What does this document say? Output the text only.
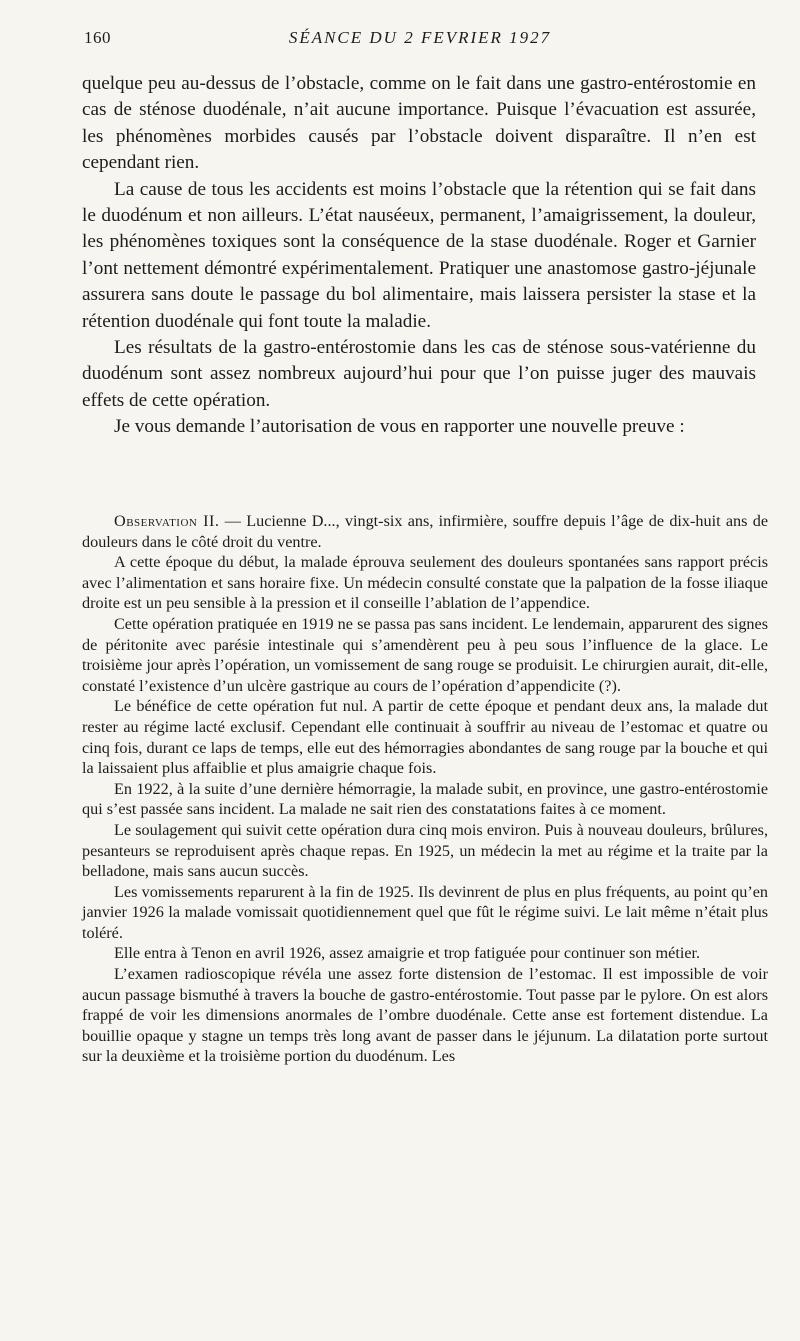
160	SÉANCE DU 2 FEVRIER 1927

quelque peu au-dessus de l’obstacle, comme on le fait dans une gastro-entérostomie en cas de sténose duodénale, n’ait aucune importance. Puisque l’évacuation est assurée, les phénomènes morbides causés par l’obstacle doivent disparaître. Il n’en est cependant rien.

La cause de tous les accidents est moins l’obstacle que la rétention qui se fait dans le duodénum et non ailleurs. L’état nauséeux, permanent, l’amaigrissement, la douleur, les phénomènes toxiques sont la conséquence de la stase duodénale. Roger et Garnier l’ont nettement démontré expérimentalement. Pratiquer une anastomose gastro-jéjunale assurera sans doute le passage du bol alimentaire, mais laissera persister la stase et la rétention duodénale qui font toute la maladie.

Les résultats de la gastro-entérostomie dans les cas de sténose sous-vatérienne du duodénum sont assez nombreux aujourd’hui pour que l’on puisse juger des mauvais effets de cette opération.

Je vous demande l’autorisation de vous en rapporter une nouvelle preuve :

Observation II. — Lucienne D..., vingt-six ans, infirmière, souffre depuis l’âge de dix-huit ans de douleurs dans le côté droit du ventre.

A cette époque du début, la malade éprouva seulement des douleurs spontanées sans rapport précis avec l’alimentation et sans horaire fixe. Un médecin consulté constate que la palpation de la fosse iliaque droite est un peu sensible à la pression et il conseille l’ablation de l’appendice.

Cette opération pratiquée en 1919 ne se passa pas sans incident. Le lendemain, apparurent des signes de péritonite avec parésie intestinale qui s’amendèrent peu à peu sous l’influence de la glace. Le troisième jour après l’opération, un vomissement de sang rouge se produisit. Le chirurgien aurait, dit-elle, constaté l’existence d’un ulcère gastrique au cours de l’opération d’appendicite (?).

Le bénéfice de cette opération fut nul. A partir de cette époque et pendant deux ans, la malade dut rester au régime lacté exclusif. Cependant elle continuait à souffrir au niveau de l’estomac et quatre ou cinq fois, durant ce laps de temps, elle eut des hémorragies abondantes de sang rouge par la bouche et qui la laissaient plus affaiblie et plus amaigrie chaque fois.

En 1922, à la suite d’une dernière hémorragie, la malade subit, en province, une gastro-entérostomie qui s’est passée sans incident. La malade ne sait rien des constatations faites à ce moment.

Le soulagement qui suivit cette opération dura cinq mois environ. Puis à nouveau douleurs, brûlures, pesanteurs se reproduisent après chaque repas. En 1925, un médecin la met au régime et la traite par la belladone, mais sans aucun succès.

Les vomissements reparurent à la fin de 1925. Ils devinrent de plus en plus fréquents, au point qu’en janvier 1926 la malade vomissait quotidiennement quel que fût le régime suivi. Le lait même n’était plus toléré.

Elle entra à Tenon en avril 1926, assez amaigrie et trop fatiguée pour continuer son métier.

L’examen radioscopique révéla une assez forte distension de l’estomac. Il est impossible de voir aucun passage bismuthé à travers la bouche de gastro-entérostomie. Tout passe par le pylore. On est alors frappé de voir les dimensions anormales de l’ombre duodénale. Cette anse est fortement distendue. La bouillie opaque y stagne un temps très long avant de passer dans le jéjunum. La dilatation porte surtout sur la deuxième et la troisième portion du duodénum. Les
